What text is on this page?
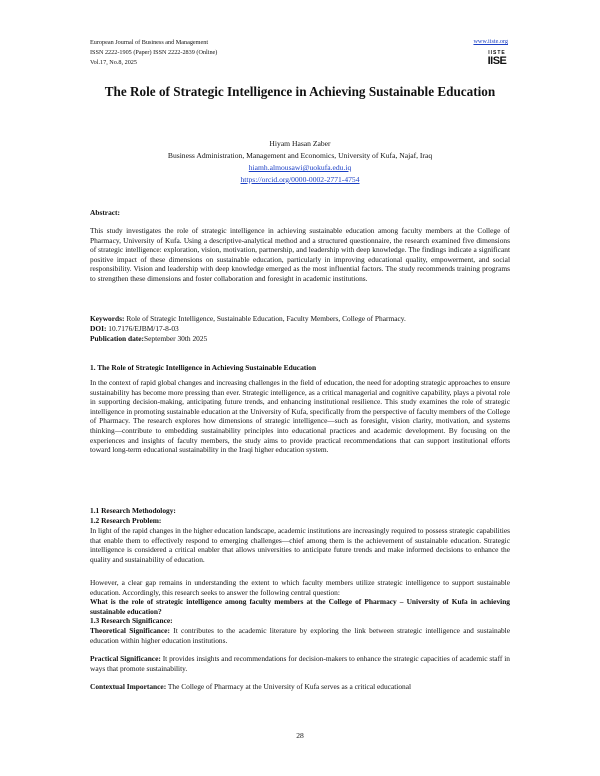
European Journal of Business and Management
ISSN 2222-1905 (Paper) ISSN 2222-2839 (Online)
Vol.17, No.8, 2025
www.iiste.org
IISTE
IISE
The Role of Strategic Intelligence in Achieving Sustainable Education
Hiyam Hasan Zaber
Business Administration, Management and Economics, University of Kufa, Najaf, Iraq
hiamh.almousawi@uokufa.edu.iq
https://orcid.org/0000-0002-2771-4754
Abstract:
This study investigates the role of strategic intelligence in achieving sustainable education among faculty members at the College of Pharmacy, University of Kufa. Using a descriptive-analytical method and a structured questionnaire, the research examined five dimensions of strategic intelligence: exploration, vision, motivation, partnership, and leadership with deep knowledge. The findings indicate a significant positive impact of these dimensions on sustainable education, particularly in improving educational quality, empowerment, and social responsibility. Vision and leadership with deep knowledge emerged as the most influential factors. The study recommends training programs to strengthen these dimensions and foster collaboration and foresight in academic institutions.
Keywords: Role of Strategic Intelligence, Sustainable Education, Faculty Members, College of Pharmacy.
DOI: 10.7176/EJBM/17-8-03
Publication date:September 30th 2025
1. The Role of Strategic Intelligence in Achieving Sustainable Education
In the context of rapid global changes and increasing challenges in the field of education, the need for adopting strategic approaches to ensure sustainability has become more pressing than ever. Strategic intelligence, as a critical managerial and cognitive capability, plays a pivotal role in supporting decision-making, anticipating future trends, and enhancing institutional resilience. This study examines the role of strategic intelligence in promoting sustainable education at the University of Kufa, specifically from the perspective of faculty members of the College of Pharmacy. The research explores how dimensions of strategic intelligence—such as foresight, vision clarity, motivation, and systems thinking—contribute to embedding sustainability principles into educational practices and academic development. By focusing on the experiences and insights of faculty members, the study aims to provide practical recommendations that can support institutional efforts toward long-term educational sustainability in the Iraqi higher education system.
1.1 Research Methodology:
1.2 Research Problem:
In light of the rapid changes in the higher education landscape, academic institutions are increasingly required to possess strategic capabilities that enable them to effectively respond to emerging challenges—chief among them is the achievement of sustainable education. Strategic intelligence is considered a critical enabler that allows universities to anticipate future trends and make informed decisions to enhance the quality and sustainability of education.
However, a clear gap remains in understanding the extent to which faculty members utilize strategic intelligence to support sustainable education. Accordingly, this research seeks to answer the following central question:
What is the role of strategic intelligence among faculty members at the College of Pharmacy – University of Kufa in achieving sustainable education?
1.3 Research Significance:
Theoretical Significance: It contributes to the academic literature by exploring the link between strategic intelligence and sustainable education within higher education institutions.
Practical Significance: It provides insights and recommendations for decision-makers to enhance the strategic capacities of academic staff in ways that promote sustainability.
Contextual Importance: The College of Pharmacy at the University of Kufa serves as a critical educational
28
